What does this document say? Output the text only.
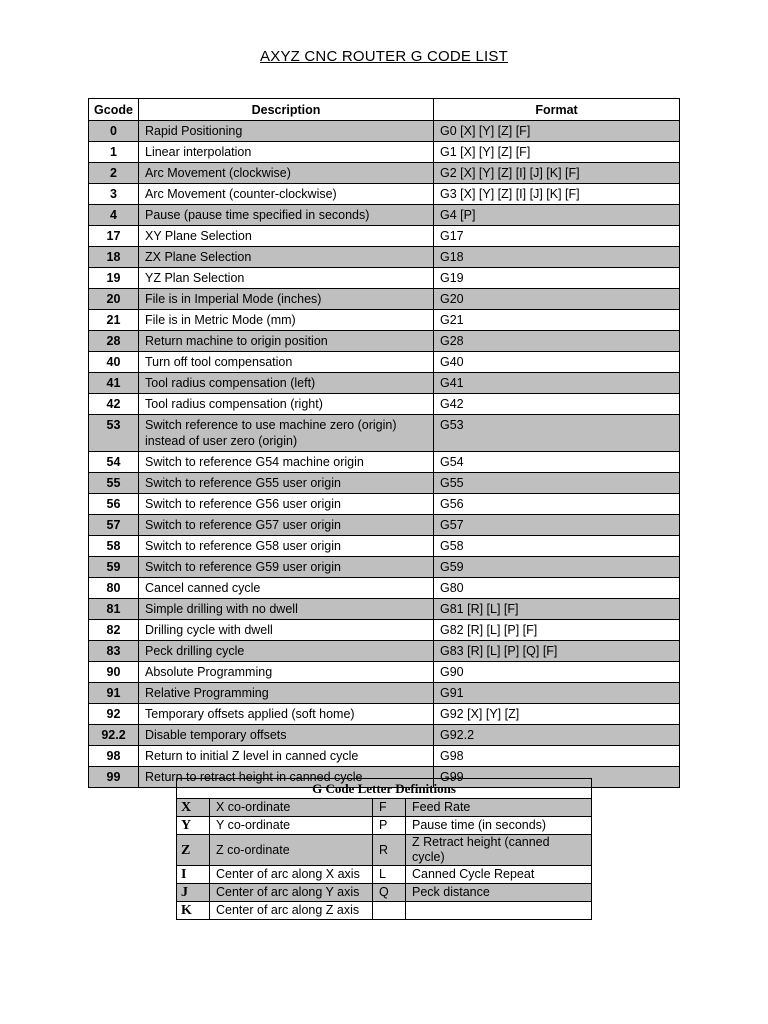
AXYZ CNC ROUTER G CODE LIST
Gcode	Description	Format
0	Rapid Positioning	G0 [X] [Y] [Z] [F]
1	Linear interpolation	G1 [X] [Y] [Z] [F]
2	Arc Movement (clockwise)	G2 [X] [Y] [Z] [I] [J] [K] [F]
3	Arc Movement (counter-clockwise)	G3 [X] [Y] [Z] [I] [J] [K] [F]
4	Pause (pause time specified in seconds)	G4 [P]
17	XY Plane Selection	G17
18	ZX Plane Selection	G18
19	YZ Plan Selection	G19
20	File is in Imperial Mode (inches)	G20
21	File is in Metric Mode (mm)	G21
28	Return machine to origin position	G28
40	Turn off tool compensation	G40
41	Tool radius compensation (left)	G41
42	Tool radius compensation (right)	G42
53	Switch reference to use machine zero (origin) instead of user zero (origin)	G53
54	Switch to reference G54 machine origin	G54
55	Switch to reference G55 user origin	G55
56	Switch to reference G56 user origin	G56
57	Switch to reference G57 user origin	G57
58	Switch to reference G58 user origin	G58
59	Switch to reference G59 user origin	G59
80	Cancel canned cycle	G80
81	Simple drilling with no dwell	G81 [R] [L] [F]
82	Drilling cycle with dwell	G82 [R] [L] [P] [F]
83	Peck drilling cycle	G83 [R] [L] [P] [Q] [F]
90	Absolute Programming	G90
91	Relative Programming	G91
92	Temporary offsets applied (soft home)	G92 [X] [Y] [Z]
92.2	Disable temporary offsets	G92.2
98	Return to initial Z level in canned cycle	G98
99	Return to retract height in canned cycle	G99
G Code Letter Definitions			
X	X co-ordinate	F	Feed Rate
Y	Y co-ordinate	P	Pause time (in seconds)
Z	Z co-ordinate	R	Z Retract height (canned cycle)
I	Center of arc along X axis	L	Canned Cycle Repeat
J	Center of arc along Y axis	Q	Peck distance
K	Center of arc along Z axis		
